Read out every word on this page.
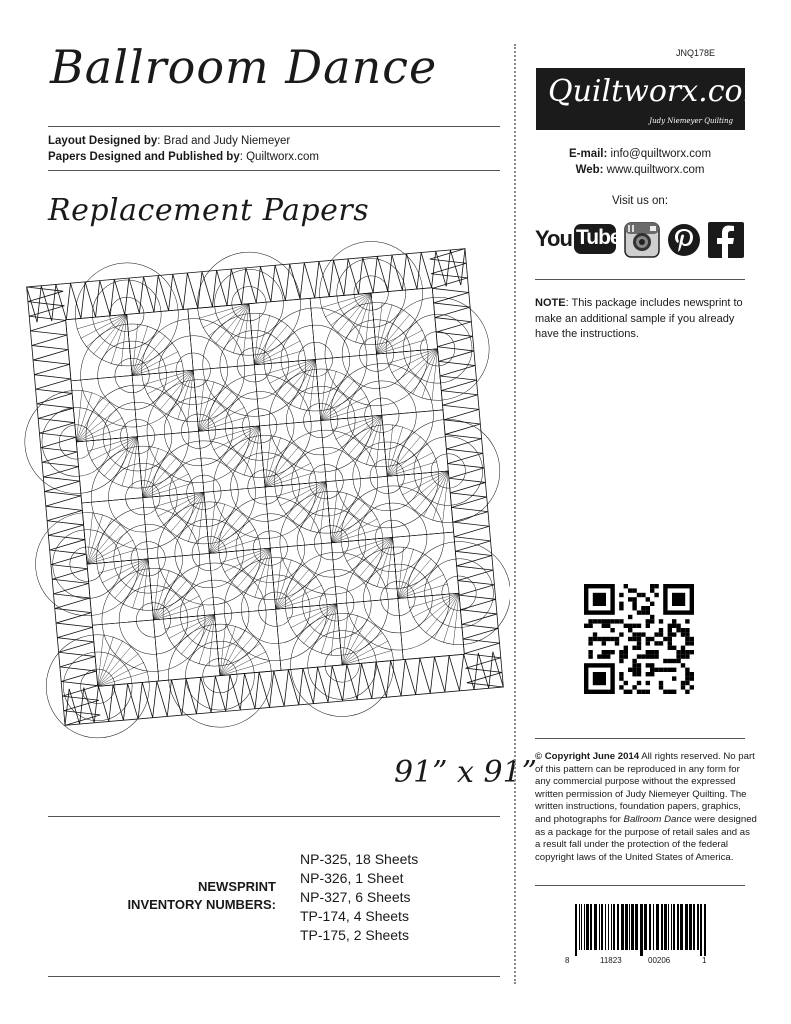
Ballroom Dance
Layout Designed by: Brad and Judy Niemeyer
Papers Designed and Published by: Quiltworx.com
Replacement Papers
91” x 91”
NEWSPRINT
INVENTORY NUMBERS:
NP-325, 18 Sheets
NP-326, 1 Sheet
NP-327, 6 Sheets
TP-174, 4 Sheets
TP-175, 2 Sheets
JNQ178E
Quiltworx.com
Judy Niemeyer Quilting
E-mail: info@quiltworx.com
Web: www.quiltworx.com
Visit us on:
You Tube
NOTE: This package includes newsprint to make an additional sample if you already have the instructions.
© Copyright June 2014 All rights reserved. No part of this pattern can be reproduced in any form for any commercial purpose without the expressed written permission of Judy Niemeyer Quilting. The written instructions, foundation papers, graphics, and photographs for Ballroom Dance were designed as a package for the purpose of retail sales and as a result fall under the protection of the federal copyright laws of the United States of America.
8	11823	00206	1
